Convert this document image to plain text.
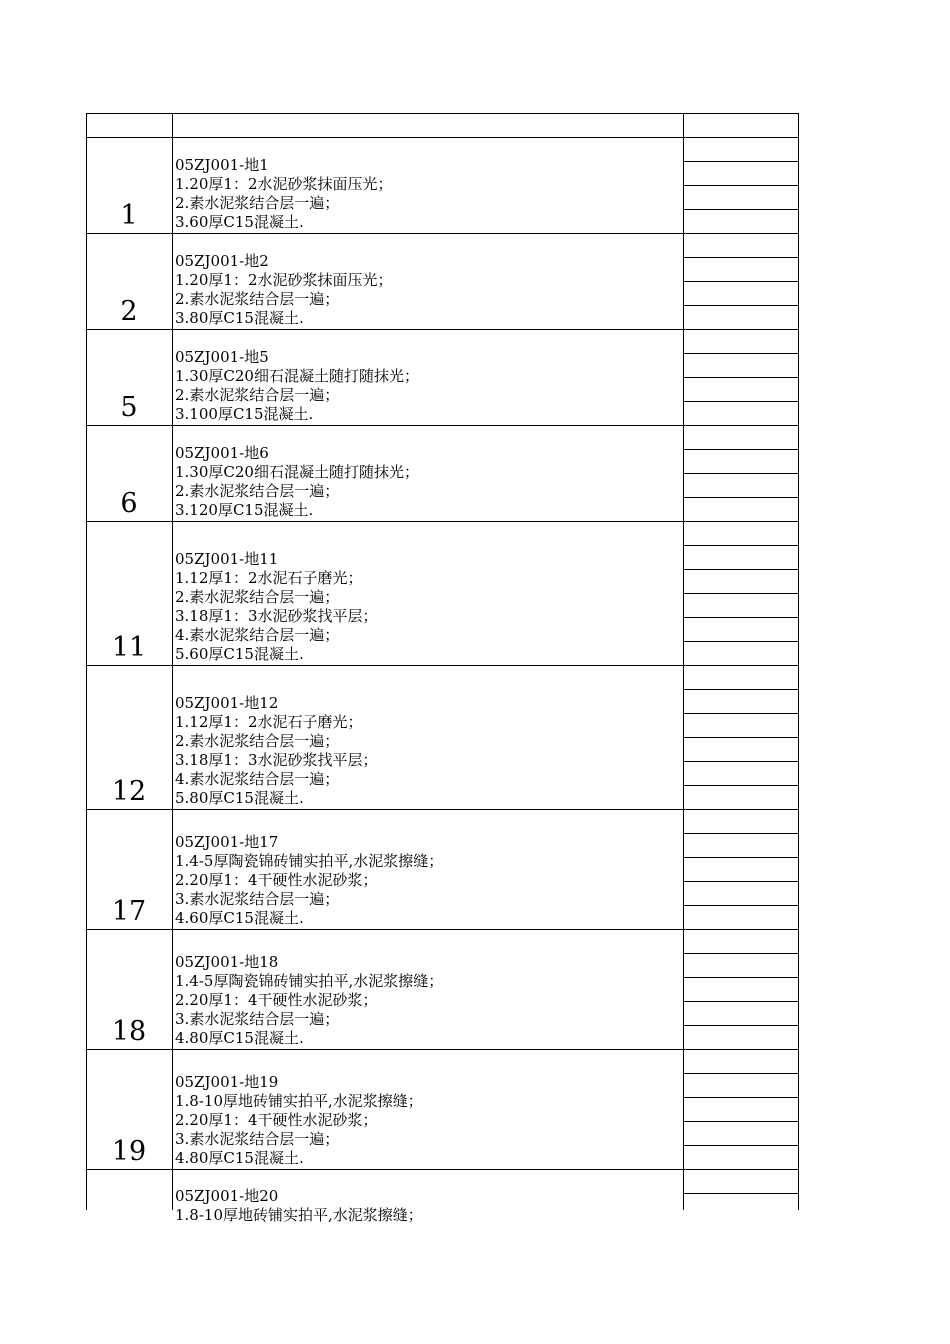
1
05ZJ001-地1
1.20厚1：2水泥砂浆抹面压光；
2.素水泥浆结合层一遍；
3.60厚C15混凝土.
2
05ZJ001-地2
1.20厚1：2水泥砂浆抹面压光；
2.素水泥浆结合层一遍；
3.80厚C15混凝土.
5
05ZJ001-地5
1.30厚C20细石混凝土随打随抹光；
2.素水泥浆结合层一遍；
3.100厚C15混凝土.
6
05ZJ001-地6
1.30厚C20细石混凝土随打随抹光；
2.素水泥浆结合层一遍；
3.120厚C15混凝土.
11
05ZJ001-地11
1.12厚1：2水泥石子磨光；
2.素水泥浆结合层一遍；
3.18厚1：3水泥砂浆找平层；
4.素水泥浆结合层一遍；
5.60厚C15混凝土.
12
05ZJ001-地12
1.12厚1：2水泥石子磨光；
2.素水泥浆结合层一遍；
3.18厚1：3水泥砂浆找平层；
4.素水泥浆结合层一遍；
5.80厚C15混凝土.
17
05ZJ001-地17
1.4-5厚陶瓷锦砖铺实拍平,水泥浆擦缝；
2.20厚1：4干硬性水泥砂浆；
3.素水泥浆结合层一遍；
4.60厚C15混凝土.
18
05ZJ001-地18
1.4-5厚陶瓷锦砖铺实拍平,水泥浆擦缝；
2.20厚1：4干硬性水泥砂浆；
3.素水泥浆结合层一遍；
4.80厚C15混凝土.
19
05ZJ001-地19
1.8-10厚地砖铺实拍平,水泥浆擦缝；
2.20厚1：4干硬性水泥砂浆；
3.素水泥浆结合层一遍；
4.80厚C15混凝土.
05ZJ001-地20
1.8-10厚地砖铺实拍平,水泥浆擦缝；
